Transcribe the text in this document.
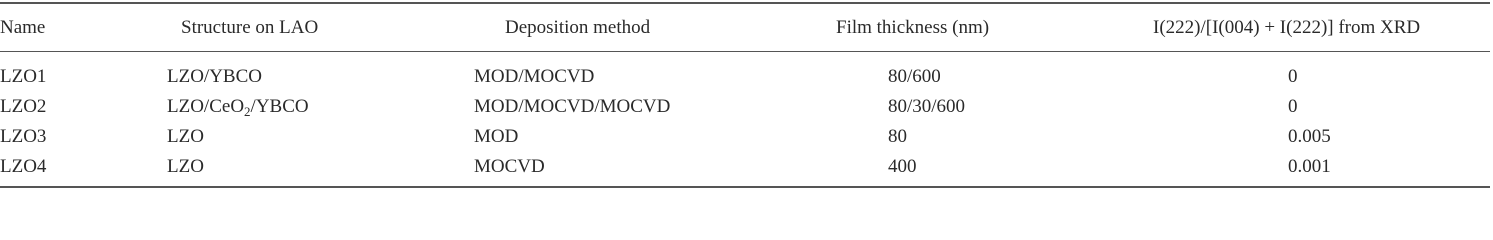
Name	Structure on LAO	Deposition method	Film thickness (nm)	I(222)/[I(004) + I(222)] from XRD
LZO1	LZO/YBCO	MOD/MOCVD	80/600	0
LZO2	LZO/CeO$_2$/YBCO	MOD/MOCVD/MOCVD	80/30/600	0
LZO3	LZO	MOD	80	0.005
LZO4	LZO	MOCVD	400	0.001
